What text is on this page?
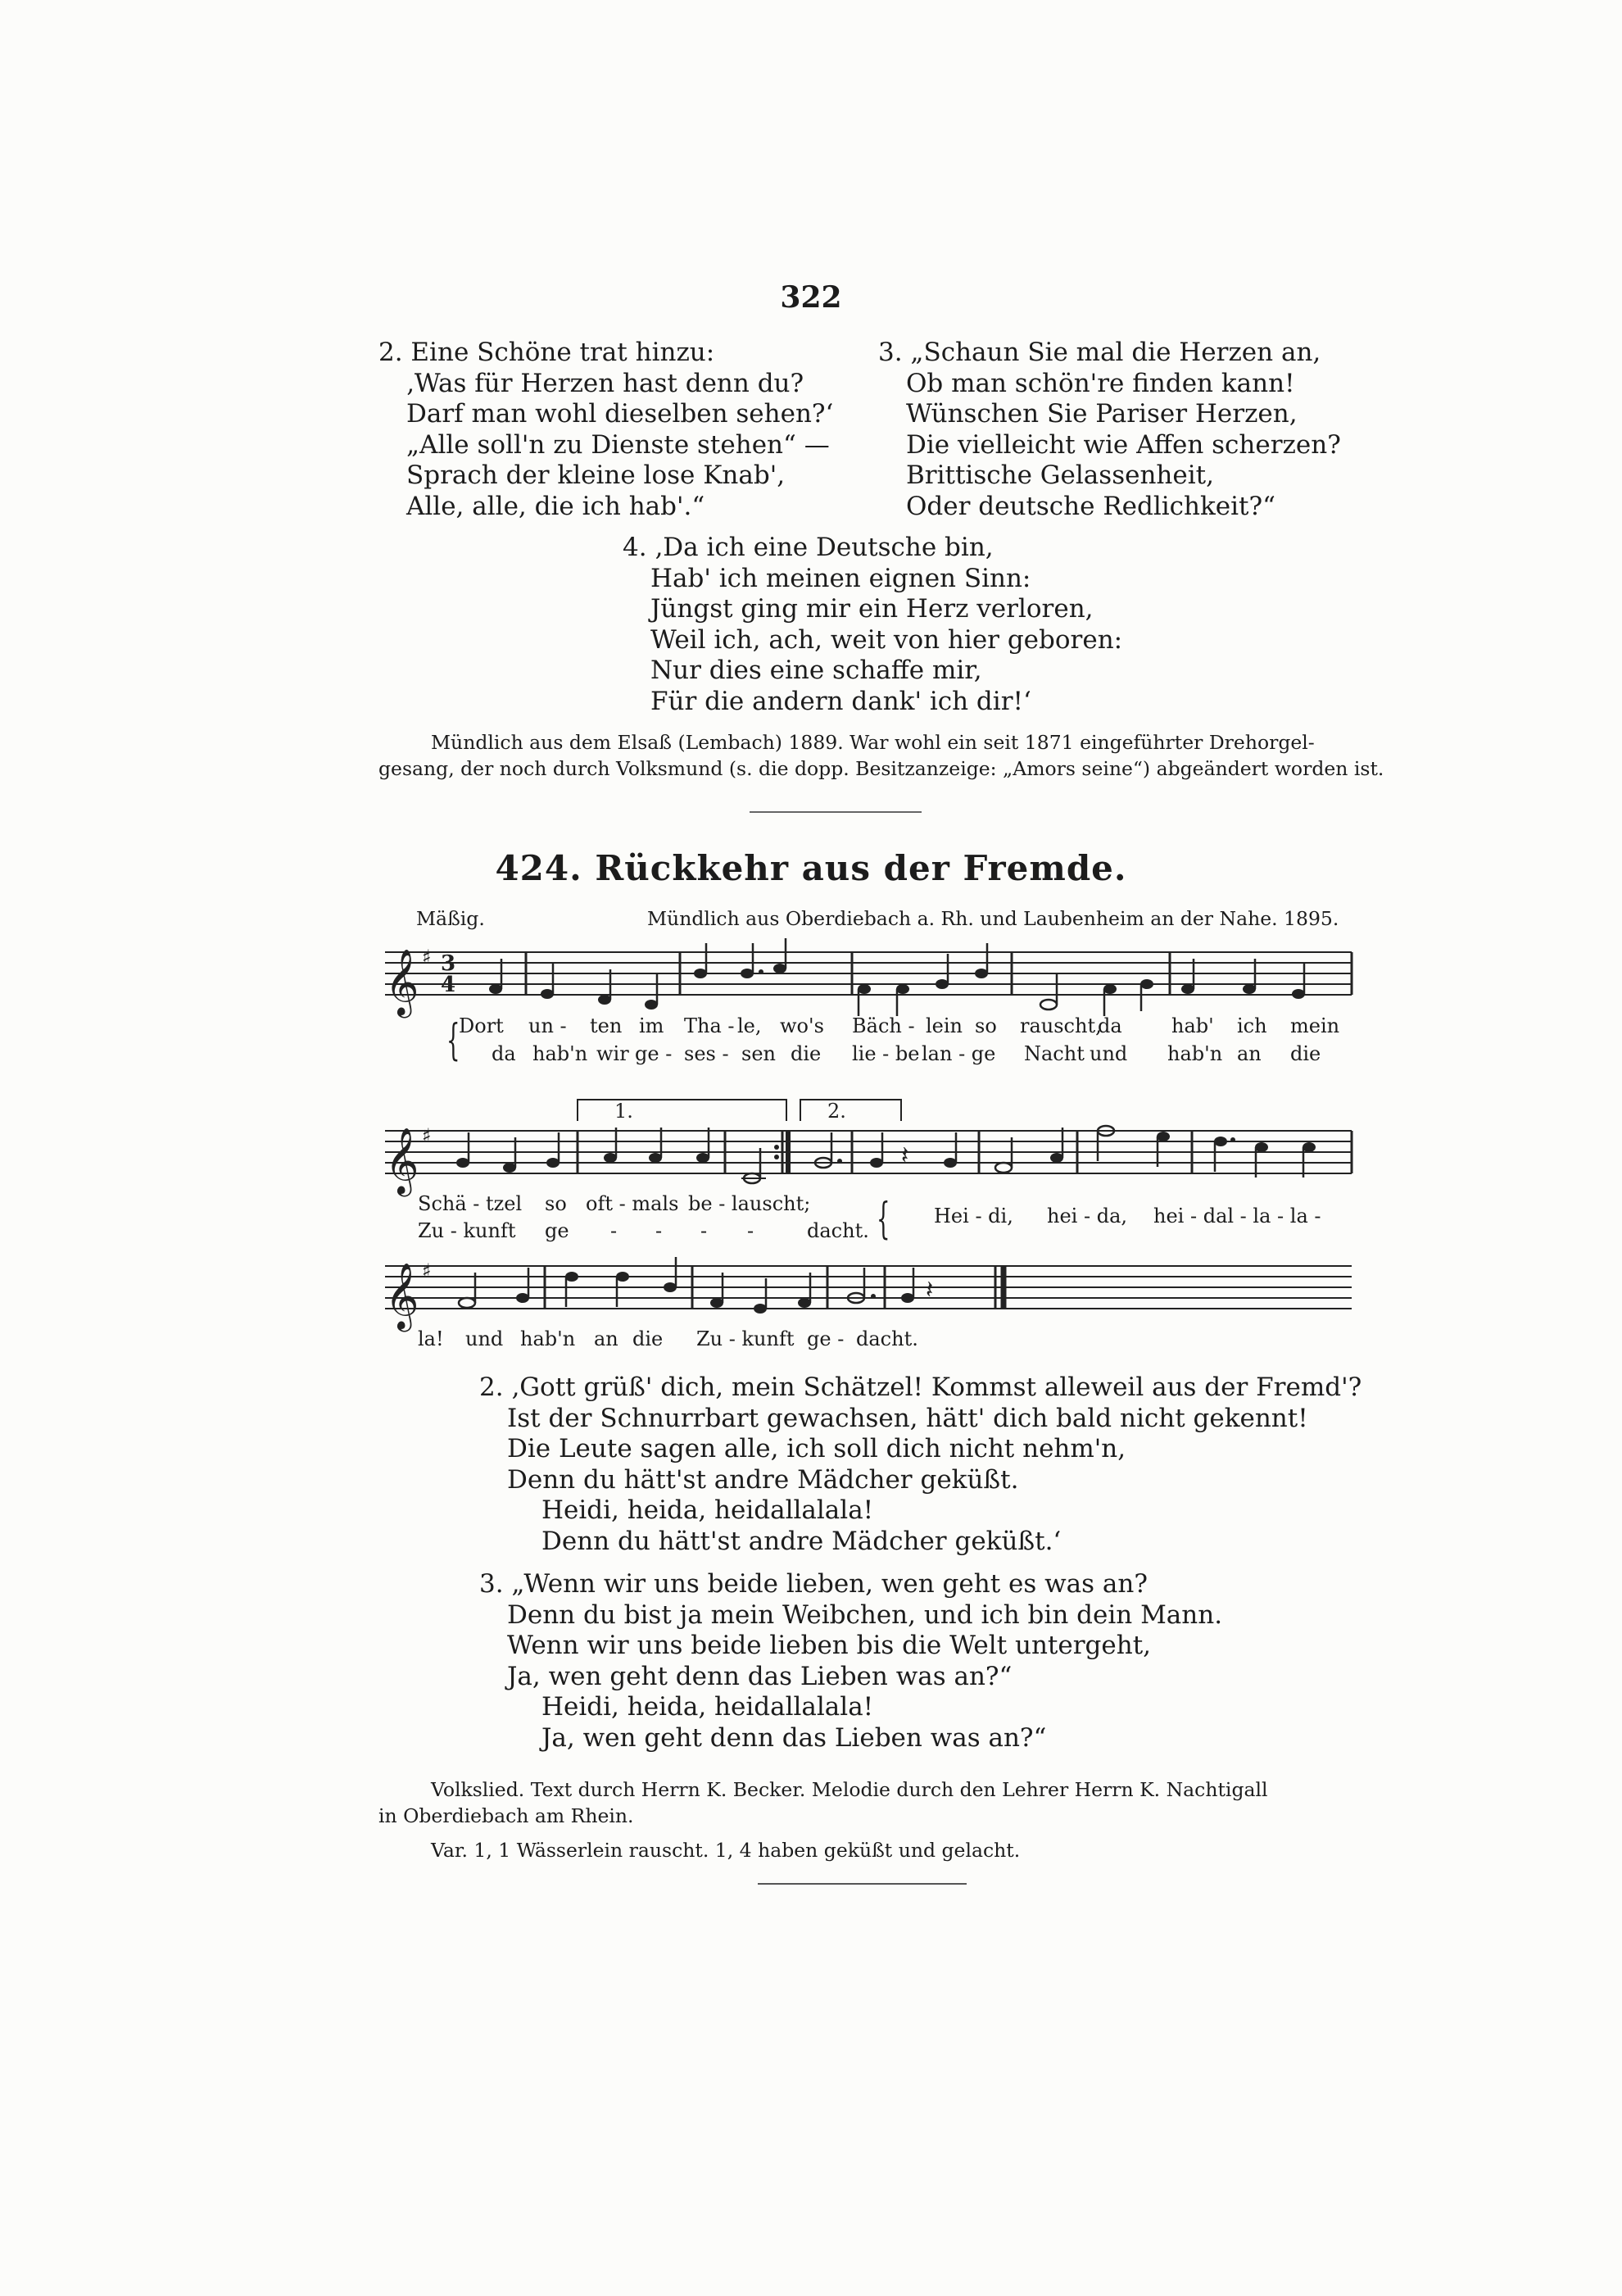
322
2. Eine Schöne trat hinzu:
‚Was für Herzen hast denn du?
Darf man wohl dieselben sehen?‘
„Alle soll'n zu Dienste stehen“ —
Sprach der kleine lose Knab',
Alle, alle, die ich hab'.“
3. „Schaun Sie mal die Herzen an,
Ob man schön're finden kann!
Wünschen Sie Pariser Herzen,
Die vielleicht wie Affen scherzen?
Brittische Gelassenheit,
Oder deutsche Redlichkeit?“
4. ‚Da ich eine Deutsche bin,
Hab' ich meinen eignen Sinn:
Jüngst ging mir ein Herz verloren,
Weil ich, ach, weit von hier geboren:
Nur dies eine schaffe mir,
Für die andern dank' ich dir!‘
Mündlich aus dem Elsaß (Lembach) 1889. War wohl ein seit 1871 eingeführter Drehorgel-
gesang, der noch durch Volksmund (s. die dopp. Besitzanzeige: „Amors seine“) abgeändert worden ist.
424. Rückkehr aus der Fremde.
Mäßig.	Mündlich aus Oberdiebach a. Rh. und Laubenheim an der Nahe. 1895.
𝄞 ♯ 3
4
𝄞 ♯
1.	2.
𝄽
𝄞 ♯
𝄽
Dort un - ten im Tha - le, wo's Bäch - lein so rauscht,
da	hab' ich mein
{ da hab'n wir ge - ses - sen die lie - be lan - ge Nacht und hab'n an die
Schä - tzel so oft - mals be - lauscht;
Zu - kunft ge - - - -	dacht. { Hei - di, hei - da, hei - dal - la - la -
la! und hab'n an die Zu - kunft ge - dacht.
2. ‚Gott grüß' dich, mein Schätzel! Kommst alleweil aus der Fremd'?
Ist der Schnurrbart gewachsen, hätt' dich bald nicht gekennt!
Die Leute sagen alle, ich soll dich nicht nehm'n,
Denn du hätt'st andre Mädcher geküßt.
Heidi, heida, heidallalala!
Denn du hätt'st andre Mädcher geküßt.‘
3. „Wenn wir uns beide lieben, wen geht es was an?
Denn du bist ja mein Weibchen, und ich bin dein Mann.
Wenn wir uns beide lieben bis die Welt untergeht,
Ja, wen geht denn das Lieben was an?“
Heidi, heida, heidallalala!
Ja, wen geht denn das Lieben was an?“
Volkslied. Text durch Herrn K. Becker. Melodie durch den Lehrer Herrn K. Nachtigall
in Oberdiebach am Rhein.
Var. 1, 1 Wässerlein rauscht. 1, 4 haben geküßt und gelacht.
